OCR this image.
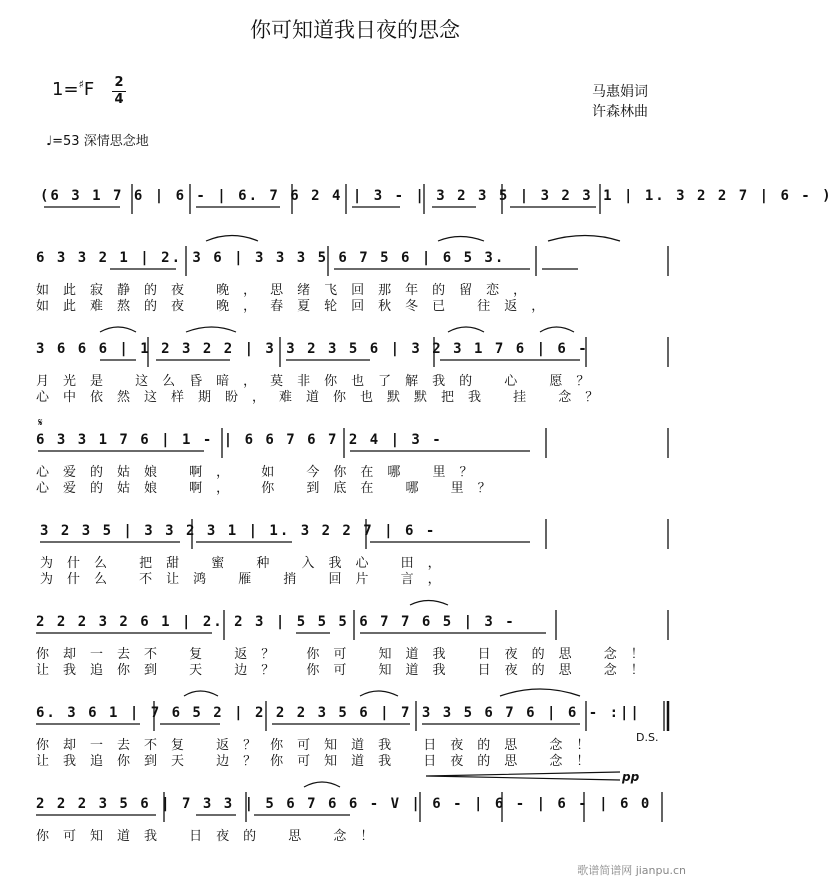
你可知道我日夜的思念
1=♯F 2
4	马惠娟词
许森林曲
♩=53 深情思念地
(6 3 1 7 6 | 6 - | 6. 7 6 2 4 | 3 - | 3 2 3 5 | 3 2 3 1 | 1. 3 2 2 7 | 6 - )
6 3 3 2 1 | 2. 3 6 | 3 3 3 5 6 7 5 6 | 6 5 3.
如此寂静的夜 晚，思绪飞回那年的留恋，
如此难熬的夜 晚，春夏轮回秋冬已 往返，
3 6 6 6 | 1 2 3 2 2 | 3 3 2 3 5 6 | 3 2 3 1 7 6 | 6 -
月光是 这么昏暗，莫非你也了解我的 心 愿？
心中依然这样期盼，难道你也默默把我 挂 念？
𝄋
6 3 3 1 7 6 | 1 - | 6 6 7 6 7 2 4 | 3 -
心爱的姑娘 啊， 如 今你在哪 里？
心爱的姑娘 啊， 你 到底在 哪 里？
3 2 3 5 | 3 3 2 3 1 | 1. 3 2 2 7 | 6 -
为什么 把甜 蜜 种 入我心 田，
为什么 不让鸿 雁 捎 回片 言，
2 2 2 3 2 6 1 | 2. 2 3 | 5 5 5 6 7 7 6 5 | 3 -
你却一去不 复 返？ 你可 知道我 日夜的思 念！
让我追你到 天 边？ 你可 知道我 日夜的思 念！
6. 3 6 1 | 7 6 5 2 | 2 2 2 3 5 6 | 7 3 3 5 6 7 6 | 6 - :||
D.S.
你却一去不复 返？你可知道我 日夜的思 念！
让我追你到天 边？你可知道我 日夜的思 念！
pp
2 2 2 3 5 6 | 7 3 3 | 5 6 7 6 6 - V | 6 - | 6 - | 6 - | 6 0
你可知道我 日夜的 思 念！
歌谱简谱网 jianpu.cn
